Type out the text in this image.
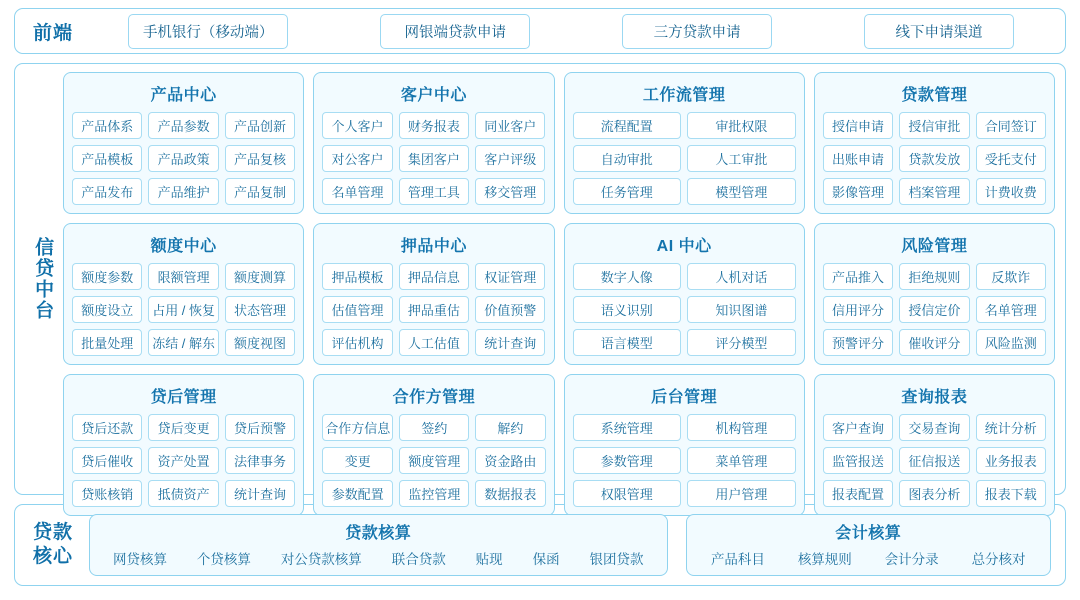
前端	手机银行（移动端）	网银端贷款申请	三方贷款申请	线下申请渠道
信贷中台
产品中心
产品体系	产品参数	产品创新
产品模板	产品政策	产品复核
产品发布	产品维护	产品复制
客户中心
个人客户	财务报表	同业客户
对公客户	集团客户	客户评级
名单管理	管理工具	移交管理
工作流管理
流程配置	审批权限
自动审批	人工审批
任务管理	模型管理
贷款管理
授信申请	授信审批	合同签订
出账申请	贷款发放	受托支付
影像管理	档案管理	计费收费
额度中心
额度参数	限额管理	额度测算
额度设立	占用 / 恢复	状态管理
批量处理	冻结 / 解东	额度视图
押品中心
押品模板	押品信息	权证管理
估值管理	押品重估	价值预警
评估机构	人工估值	统计查询
AI 中心
数字人像	人机对话
语义识别	知识图谱
语言模型	评分模型
风险管理
产品推入	拒绝规则	反欺诈
信用评分	授信定价	名单管理
预警评分	催收评分	风险监测
贷后管理
贷后还款	贷后变更	贷后预警
贷后催收	资产处置	法律事务
贷账核销	抵债资产	统计查询
合作方管理
合作方信息	签约	解约
变更	额度管理	资金路由
参数配置	监控管理	数据报表
后台管理
系统管理	机构管理
参数管理	菜单管理
权限管理	用户管理
查询报表
客户查询	交易查询	统计分析
监管报送	征信报送	业务报表
报表配置	图表分析	报表下载
贷款
核心
贷款核算
网贷核算 个贷核算 对公贷款核算 联合贷款 贴现 保函 银团贷款
会计核算
产品科目 核算规则 会计分录 总分核对
